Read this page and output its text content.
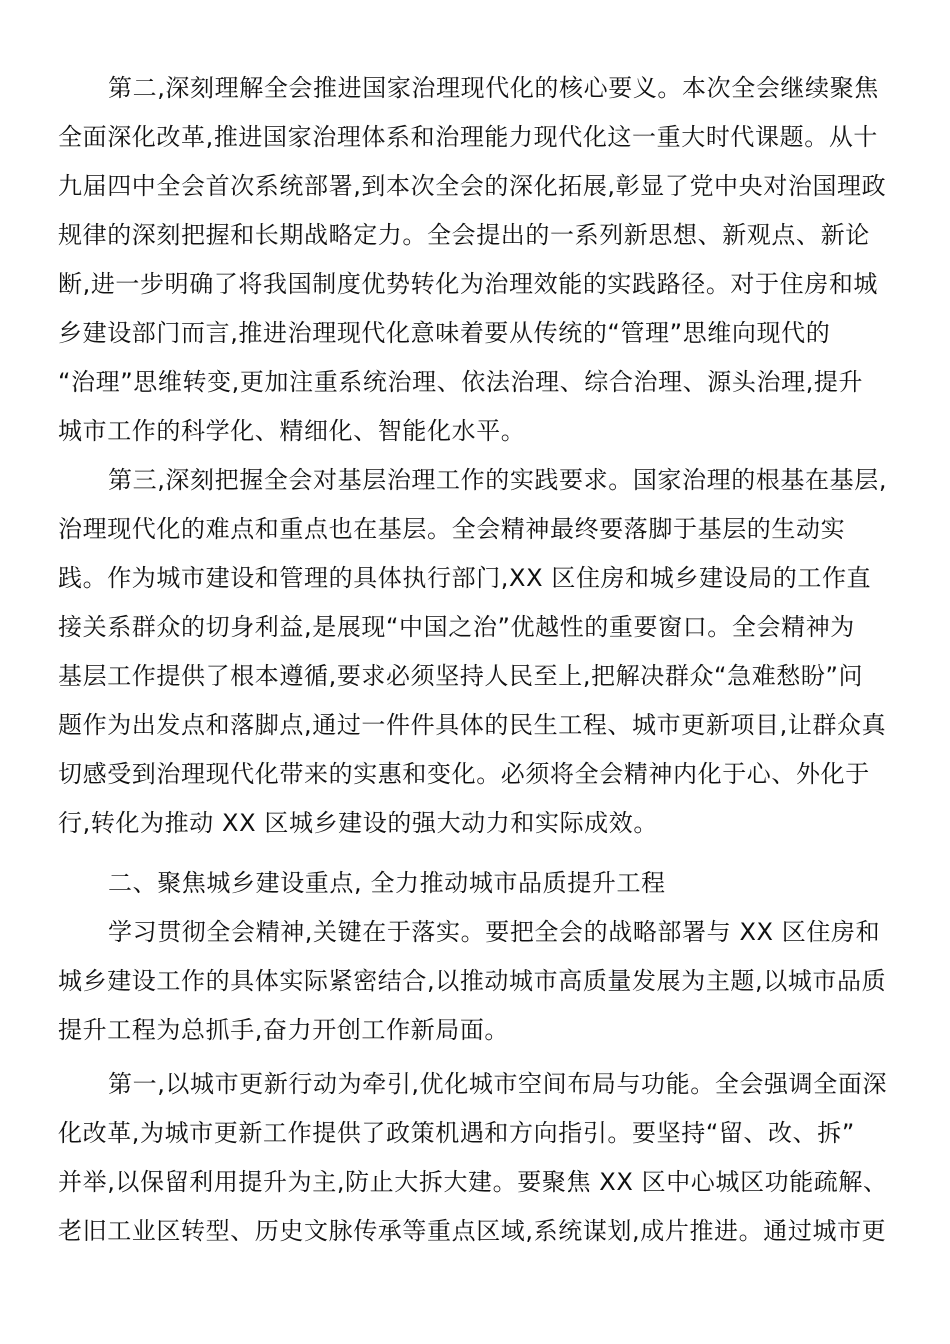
第二,深刻理解全会推进国家治理现代化的核心要义。本次全会继续聚焦
全面深化改革,推进国家治理体系和治理能力现代化这一重大时代课题。从十
九届四中全会首次系统部署,到本次全会的深化拓展,彰显了党中央对治国理政
规律的深刻把握和长期战略定力。全会提出的一系列新思想、新观点、新论
断,进一步明确了将我国制度优势转化为治理效能的实践路径。对于住房和城
乡建设部门而言,推进治理现代化意味着要从传统的“管理”思维向现代的
“治理”思维转变,更加注重系统治理、依法治理、综合治理、源头治理,提升
城市工作的科学化、精细化、智能化水平。
第三,深刻把握全会对基层治理工作的实践要求。国家治理的根基在基层,
治理现代化的难点和重点也在基层。全会精神最终要落脚于基层的生动实
践。作为城市建设和管理的具体执行部门,XX 区住房和城乡建设局的工作直
接关系群众的切身利益,是展现“中国之治”优越性的重要窗口。全会精神为
基层工作提供了根本遵循,要求必须坚持人民至上,把解决群众“急难愁盼”问
题作为出发点和落脚点,通过一件件具体的民生工程、城市更新项目,让群众真
切感受到治理现代化带来的实惠和变化。必须将全会精神内化于心、外化于
行,转化为推动 XX 区城乡建设的强大动力和实际成效。
二、聚焦城乡建设重点, 全力推动城市品质提升工程
学习贯彻全会精神,关键在于落实。要把全会的战略部署与 XX 区住房和
城乡建设工作的具体实际紧密结合,以推动城市高质量发展为主题,以城市品质
提升工程为总抓手,奋力开创工作新局面。
第一,以城市更新行动为牵引,优化城市空间布局与功能。全会强调全面深
化改革,为城市更新工作提供了政策机遇和方向指引。要坚持“留、改、拆”
并举,以保留利用提升为主,防止大拆大建。要聚焦 XX 区中心城区功能疏解、
老旧工业区转型、历史文脉传承等重点区域,系统谋划,成片推进。通过城市更
